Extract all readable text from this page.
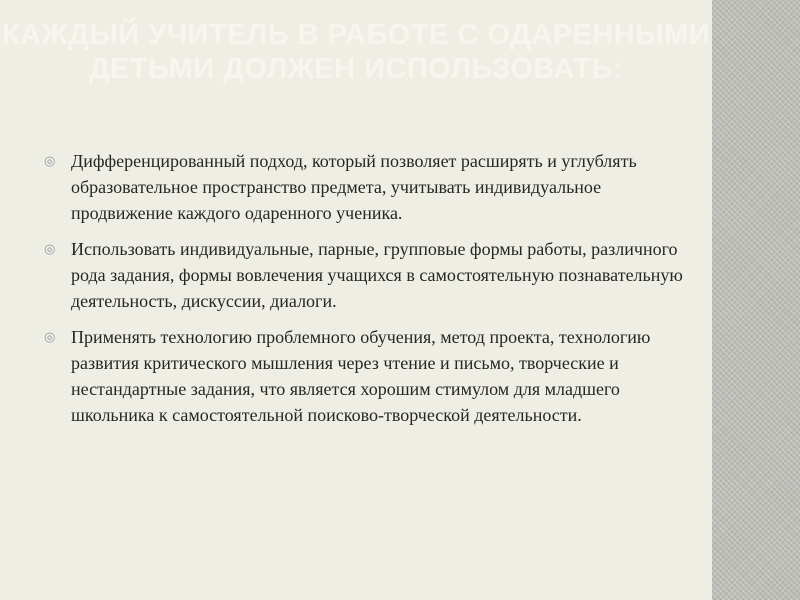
КАЖДЫЙ УЧИТЕЛЬ В РАБОТЕ С ОДАРЕННЫМИ ДЕТЬМИ ДОЛЖЕН ИСПОЛЬЗОВАТЬ:
◎ Дифференцированный подход, который позволяет расширять и углублять образовательное пространство предмета, учитывать индивидуальное продвижение каждого одаренного ученика.
◎ Использовать индивидуальные, парные, групповые формы работы, различного рода задания, формы вовлечения учащихся в самостоятельную познавательную деятельность, дискуссии, диалоги.
◎ Применять технологию проблемного обучения, метод проекта, технологию развития критического мышления через чтение и письмо, творческие и нестандартные задания, что является хорошим стимулом для младшего школьника к самостоятельной поисково-творческой деятельности.
